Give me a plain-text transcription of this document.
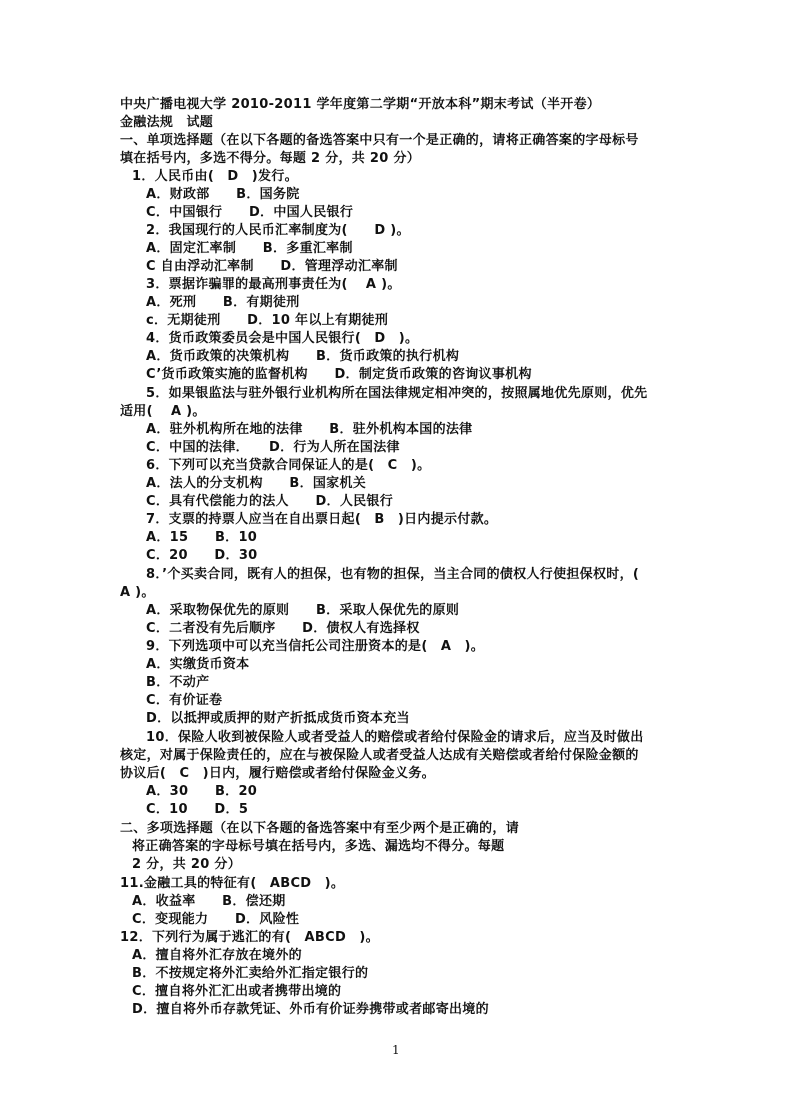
中央广播电视大学 2010-2011 学年度第二学期“开放本科”期末考试（半开卷）
金融法规　试题
一、单项选择题（在以下各题的备选答案中只有一个是正确的，请将正确答案的字母标号
填在括号内，多选不得分。每题 2 分，共 20 分）
1．人民币由(　D　)发行。
A．财政部　　B．国务院
C．中国银行　　D．中国人民银行
2．我国现行的人民币汇率制度为(　　D )。
A．固定汇率制　　B．多重汇率制
C 自由浮动汇率制　　D．管理浮动汇率制
3．票据诈骗罪的最高刑事责任为(　 A )。
A．死刑　　B．有期徒刑
c．无期徒刑　　D．10 年以上有期徒刑
4．货币政策委员会是中国人民银行(　D　)。
A．货币政策的决策机构　　B．货币政策的执行机构
C’货币政策实施的监督机构　　D．制定货币政策的咨询议事机构
5．如果银监法与驻外银行业机构所在国法律规定相冲突的，按照属地优先原则，优先
适用(　 A )。
A．驻外机构所在地的法律　　B．驻外机构本国的法律
C．中国的法律．　　D．行为人所在国法律
6．下列可以充当贷款合同保证人的是(　C　)。
A．法人的分支机构　　B．国家机关
C．具有代偿能力的法人　　D．人民银行
7．支票的持票人应当在自出票日起(　B　)日内提示付款。
A．15　　B．10
C．20　　D．30
8．’个买卖合同，既有人的担保，也有物的担保，当主合同的债权人行使担保权时，(
A )。
A．采取物保优先的原则　　B．采取人保优先的原则
C．二者没有先后顺序　　D．债权人有选择权
9．下列选项中可以充当信托公司注册资本的是(　A　)。
A．实缴货币资本
B．不动产
C．有价证卷
D．以抵押或质押的财产折抵成货币资本充当
10．保险人收到被保险人或者受益人的赔偿或者给付保险金的请求后，应当及时做出
核定，对属于保险责任的，应在与被保险人或者受益人达成有关赔偿或者给付保险金额的
协议后(　C　)日内，履行赔偿或者给付保险金义务。
A．30　　B．20
C．10　　D．5
二、多项选择题（在以下各题的备选答案中有至少两个是正确的，请
将正确答案的字母标号填在括号内，多选、漏选均不得分。每题
2 分，共 20 分）
11.金融工具的特征有(　ABCD　)。
A．收益率　　B．偿还期
C．变现能力　　D．风险性
12．下列行为属于逃汇的有(　ABCD　)。
A．擅自将外汇存放在境外的
B．不按规定将外汇卖给外汇指定银行的
C．擅自将外汇汇出或者携带出境的
D．擅自将外币存款凭证、外币有价证券携带或者邮寄出境的
1
